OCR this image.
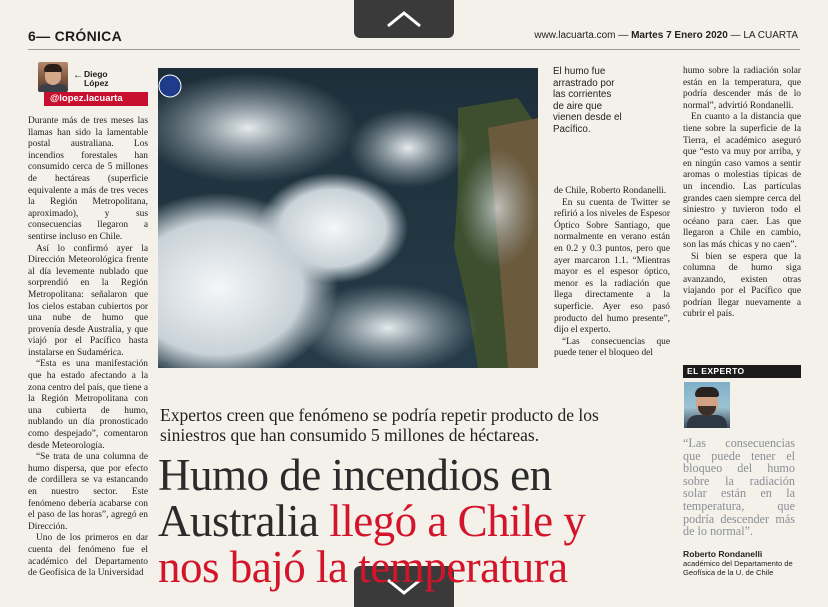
6— CRÓNICA	www.lacuarta.com — Martes 7 Enero 2020 — LA CUARTA
← Diego López
@lopez.lacuarta

Durante más de tres meses las llamas han sido la lamentable postal australiana. Los incendios forestales han consumido cerca de 5 millones de hectáreas (superficie equivalente a más de tres veces la Región Metropolitana, aproximado), y sus consecuencias llegaron a sentirse incluso en Chile.

Así lo confirmó ayer la Dirección Meteorológica frente al día levemente nublado que sorprendió en la Región Metropolitana: señalaron que los cielos estaban cubiertos por una nube de humo que provenía desde Australia, y que viajó por el Pacífico hasta instalarse en Sudamérica.

“Esta es una manifestación que ha estado afectando a la zona centro del país, que tiene a la Región Metropolitana con una cubierta de humo, nublando un día pronosticado como despejado”, comentaron desde Meteorología.

“Se trata de una columna de humo dispersa, que por efecto de cordillera se va estancando en nuestro sector. Este fenómeno debería acabarse con el paso de las horas”, agregó en Dirección.

Uno de los primeros en dar cuenta del fenómeno fue el académico del Departamento de Geofísica de la Universidad

AFP
El humo fue arrastrado por las corrientes de aire que vienen desde el Pacífico.

de Chile, Roberto Rondanelli.

En su cuenta de Twitter se refirió a los niveles de Espesor Óptico Sobre Santiago, que normalmente en verano están en 0.2 y 0.3 puntos, pero que ayer marcaron 1.1. “Mientras mayor es el espesor óptico, menor es la radiación que llega directamente a la superficie. Ayer eso pasó producto del humo presente”, dijo el experto.

“Las consecuencias que puede tener el bloqueo del

humo sobre la radiación solar están en la temperatura, que podría descender más de lo normal”, advirtió Rondanelli.

En cuanto a la distancia que tiene sobre la superficie de la Tierra, el académico aseguró que “esto va muy por arriba, y en ningún caso vamos a sentir aromas o molestias típicas de un incendio. Las partículas grandes caen siempre cerca del siniestro y tuvieron todo el océano para caer. Las que llegaron a Chile en cambio, son las más chicas y no caen”.

Si bien se espera que la columna de humo siga avanzando, existen otras viajando por el Pacífico que podrían llegar nuevamente a cubrir el país.

EL EXPERTO
“Las consecuencias que puede tener el bloqueo del humo sobre la radiación solar están en la temperatura, que podría descender más de lo normal”.
Roberto Rondanelli
académico del Departamento de Geofísica de la U. de Chile
Expertos creen que fenómeno se podría repetir producto de los siniestros que han consumido 5 millones de héctareas.
Humo de incendios en
Australia llegó a Chile y
nos bajó la temperatura
